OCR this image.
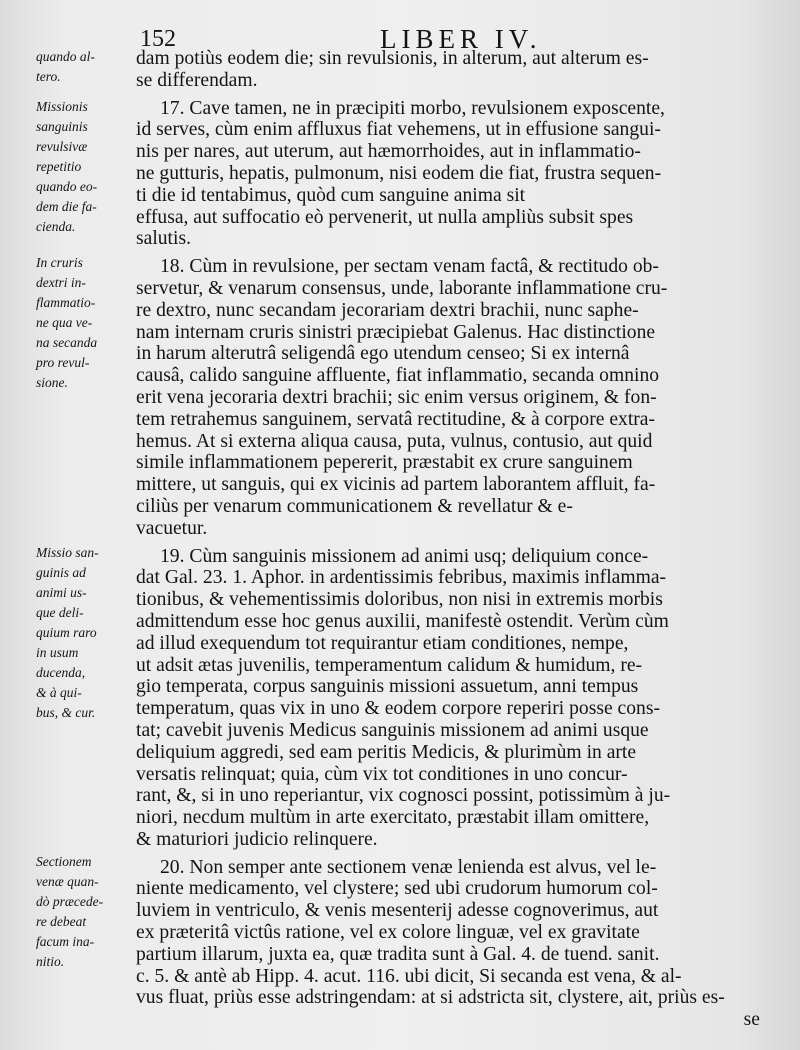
152	LIBER IV.
quando al-
tero.
Missionis
sanguinis
revulsivæ
repetitio
quando eo-
dem die fa-
cienda.
In cruris
dextri in-
flammatio-
ne qua ve-
na secanda
pro revul-
sione.
Missio san-
guinis ad
animi us-
que deli-
quium raro
in usum
ducenda,
& à qui-
bus, & cur.
Sectionem
venæ quan-
dò præcede-
re debeat
facum ina-
nitio.
dam potiùs eodem die; sin revulsionis, in alterum, aut alterum es-
se differendam.
17. Cave tamen, ne in præcipiti morbo, revulsionem exposcente,
id serves, cùm enim affluxus fiat vehemens, ut in effusione sangui-
nis per nares, aut uterum, aut hæmorrhoides, aut in inflammatio-
ne gutturis, hepatis, pulmonum, nisi eodem die fiat, frustra sequen-
ti die id tentabimus, quòd cum sanguine anima sit
effusa, aut suffocatio eò pervenerit, ut nulla ampliùs subsit spes
salutis.
18. Cùm in revulsione, per sectam venam factâ, & rectitudo ob-
servetur, & venarum consensus, unde, laborante inflammatione cru-
re dextro, nunc secandam jecorariam dextri brachii, nunc saphe-
nam internam cruris sinistri præcipiebat Galenus. Hac distinctione
in harum alterutrâ seligendâ ego utendum censeo; Si ex internâ
causâ, calido sanguine affluente, fiat inflammatio, secanda omnino
erit vena jecoraria dextri brachii; sic enim versus originem, & fon-
tem retrahemus sanguinem, servatâ rectitudine, & à corpore extra-
hemus. At si externa aliqua causa, puta, vulnus, contusio, aut quid
simile inflammationem pepererit, præstabit ex crure sanguinem
mittere, ut sanguis, qui ex vicinis ad partem laborantem affluit, fa-
ciliùs per venarum communicationem & revellatur & e-
vacuetur.
19. Cùm sanguinis missionem ad animi usq; deliquium conce-
dat Gal. 23. 1. Aphor. in ardentissimis febribus, maximis inflamma-
tionibus, & vehementissimis doloribus, non nisi in extremis morbis
admittendum esse hoc genus auxilii, manifestè ostendit. Verùm cùm
ad illud exequendum tot requirantur etiam conditiones, nempe,
ut adsit ætas juvenilis, temperamentum calidum & humidum, re-
gio temperata, corpus sanguinis missioni assuetum, anni tempus
temperatum, quas vix in uno & eodem corpore reperiri posse cons-
tat; cavebit juvenis Medicus sanguinis missionem ad animi usque
deliquium aggredi, sed eam peritis Medicis, & plurimùm in arte
versatis relinquat; quia, cùm vix tot conditiones in uno concur-
rant, &, si in uno reperiantur, vix cognosci possint, potissimùm à ju-
niori, necdum multùm in arte exercitato, præstabit illam omittere,
& maturiori judicio relinquere.
20. Non semper ante sectionem venæ lenienda est alvus, vel le-
niente medicamento, vel clystere; sed ubi crudorum humorum col-
luviem in ventriculo, & venis mesenterij adesse cognoverimus, aut
ex præteritâ victûs ratione, vel ex colore linguæ, vel ex gravitate
partium illarum, juxta ea, quæ tradita sunt à Gal. 4. de tuend. sanit.
c. 5. & antè ab Hipp. 4. acut. 116. ubi dicit, Si secanda est vena, & al-
vus fluat, priùs esse adstringendam: at si adstricta sit, clystere, ait, priùs es-
se
